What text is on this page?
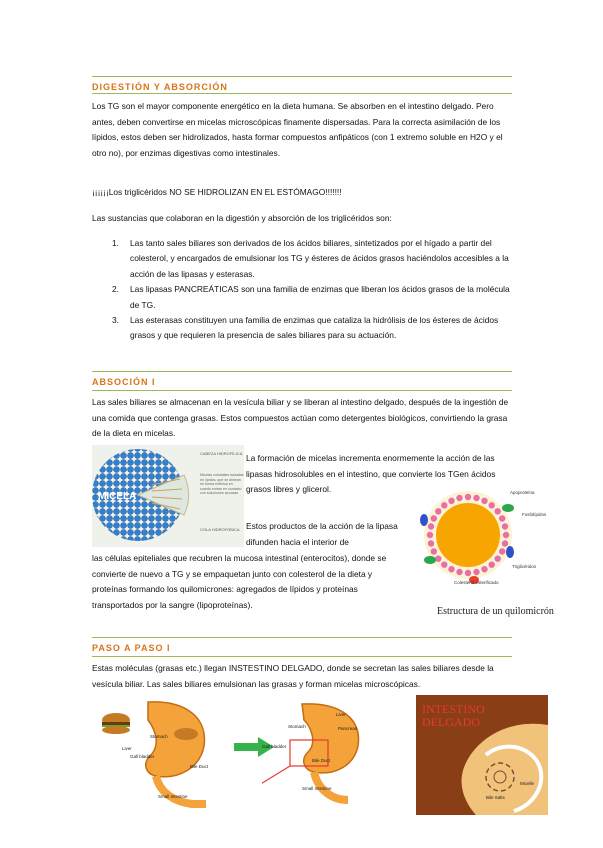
DIGESTIÓN Y ABSORCIÓN
Los TG son el mayor componente energético en la dieta humana. Se absorben en el intestino delgado. Pero antes, deben convertirse en micelas microscópicas finamente dispersadas. Para la correcta asimilación de los lípidos, estos deben ser hidrolizados, hasta formar compuestos anfipáticos (con 1 extremo soluble en H2O y el otro no), por enzimas digestivas como intestinales.
¡¡¡¡¡¡Los triglicéridos NO SE HIDROLIZAN EN EL ESTÓMAGO!!!!!!!
Las sustancias que colaboran en la digestión y absorción de los triglicéridos son:
1. Las tanto sales biliares son derivados de los ácidos biliares, sintetizados por el hígado a partir del colesterol, y encargados de emulsionar los TG y ésteres de ácidos grasos haciéndolos accesibles a la acción de las lipasas y esterasas.
2. Las lipasas PANCREÁTICAS son una familia de enzimas que liberan los ácidos grasos de la molécula de TG.
3. Las esterasas constituyen una familia de enzimas que cataliza la hidrólisis de los ésteres de ácidos grasos y que requieren la presencia de sales biliares para su actuación.
ABSOCIÓN I
Las sales biliares se almacenan en la vesícula biliar y se liberan al intestino delgado, después de la ingestión de una comida que contenga grasas. Estos compuestos actúan como detergentes biológicos, convirtiendo la grasa de la dieta en micelas.
MICELA
CABEZA HIDROFÍLICA
COLA HIDROFÓBICA
Micelas coloidales basadas en lípidos, que se alinean en forma esférica en cuanto entran en contacto con soluciones acuosas
La formación de micelas incrementa enormemente la acción de las lipasas hidrosolubles en el intestino, que convierte los TGen ácidos grasos libres y glicerol.
Estos productos de la acción de la lipasa difunden hacia el interior de
las células epiteliales que recubren la mucosa intestinal (enterocitos), donde se convierte de nuevo a TG y se empaquetan junto con colesterol de la dieta y proteínas formando los quilomicrones: agregados de lípidos y proteínas transportados por la sangre (lipoproteínas).
Apoproteína
Fosfolípidos
Triglicéridos
Colesterol esterificado
Estructura de un quilomicrón
PASO A PASO I
Estas moléculas (grasas etc.) llegan INSTESTINO DELGADO, donde se secretan las sales biliares desde la vesícula biliar. Las sales biliares emulsionan las grasas y forman micelas microscópicas.
Stomach
Liver
Gall bladder
Bile Duct
Small Intestine
Stomach
Liver
Pancreas
Gall bladder
Bile Duct
Small Intestine
INTESTINO DELGADO
Micelle
Bile Salts
